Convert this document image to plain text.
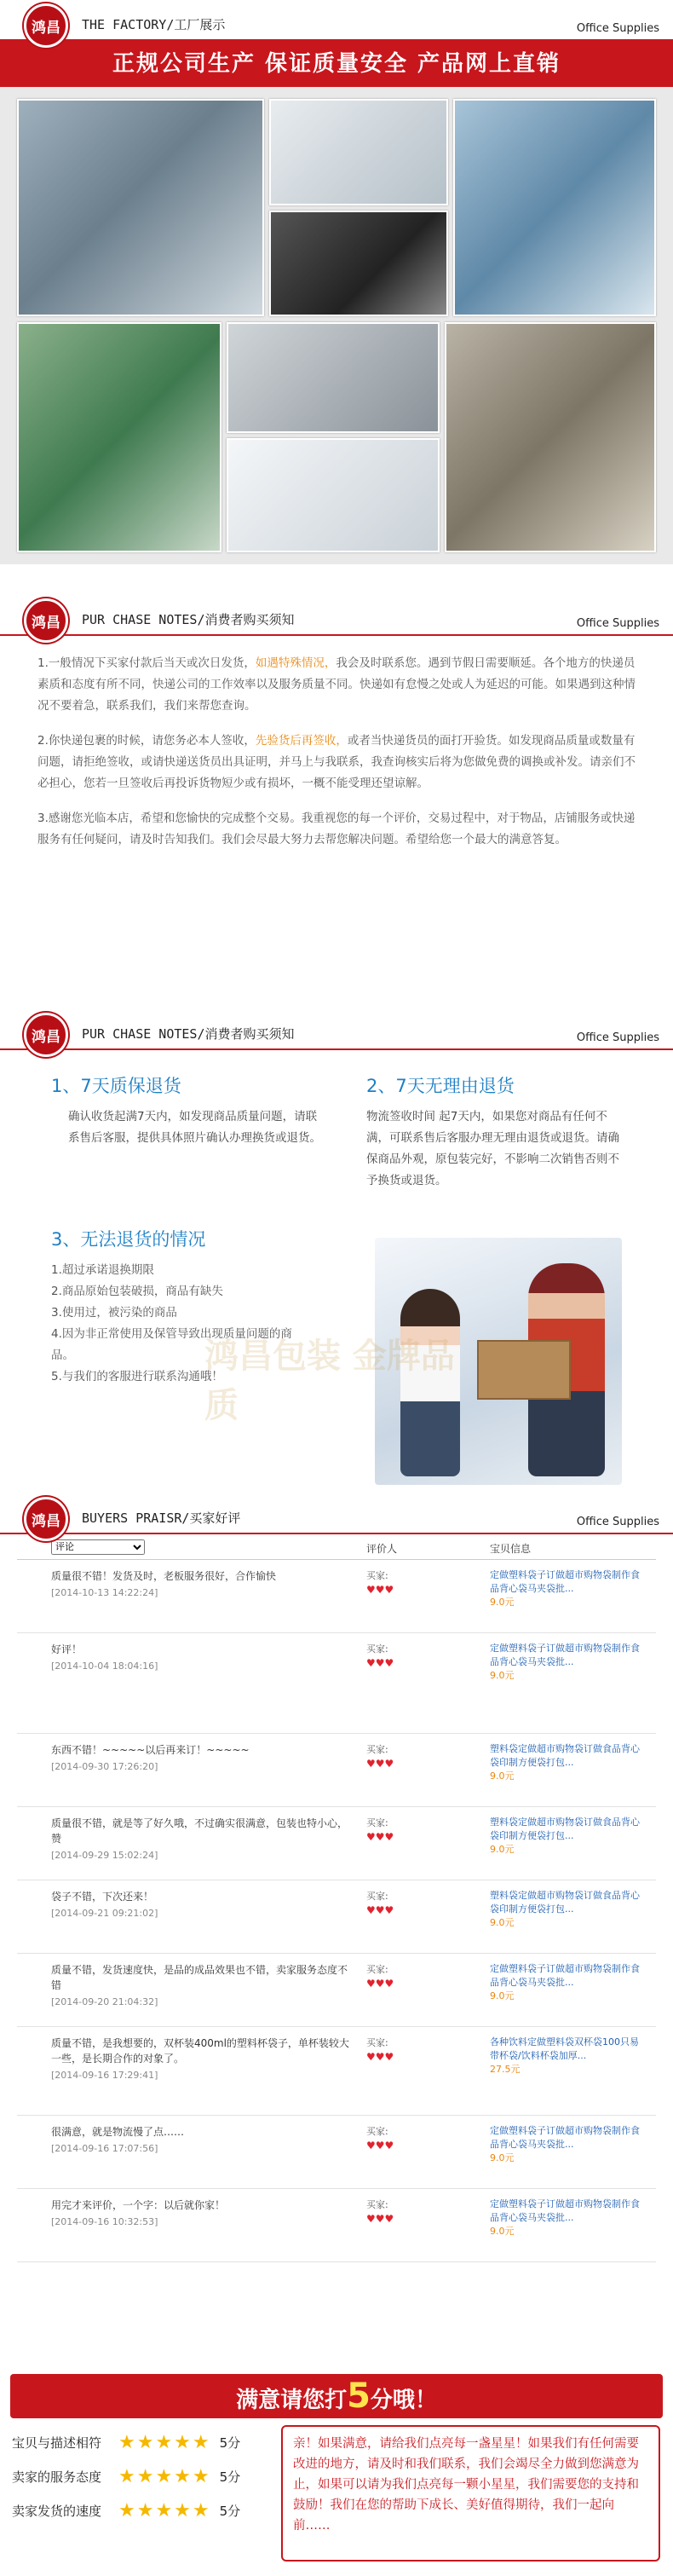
鸿昌	THE FACTORY/工厂展示	Office Supplies
正规公司生产 保证质量安全 产品网上直销
鸿昌	PUR CHASE NOTES/消费者购买须知	Office Supplies

1.一般情况下买家付款后当天或次日发货，如遇特殊情况，我会及时联系您。遇到节假日需要顺延。各个地方的快递员素质和态度有所不同，快递公司的工作效率以及服务质量不同。快递如有怠慢之处或人为延迟的可能。如果遇到这种情况不要着急，联系我们，我们来帮您查询。

2.你快递包裹的时候，请您务必本人签收，先验货后再签收，或者当快递货员的面打开验货。如发现商品质量或数量有问题，请拒绝签收，或请快递送货员出具证明，并马上与我联系，我查询核实后将为您做免费的调换或补发。请亲们不必担心，您若一旦签收后再投诉货物短少或有损坏，一概不能受理还望谅解。

3.感谢您光临本店，希望和您愉快的完成整个交易。我重视您的每一个评价，交易过程中，对于物品，店铺服务或快递服务有任何疑问，请及时告知我们。我们会尽最大努力去帮您解决问题。希望给您一个最大的满意答复。

鸿昌	PUR CHASE NOTES/消费者购买须知	Office Supplies
1、7天质保退货
确认收货起满7天内，如发现商品质量问题，请联系售后客服，提供具体照片确认办理换货或退货。
2、7天无理由退货
物流签收时间 起7天内，如果您对商品有任何不满，可联系售后客服办理无理由退货或退货。请确保商品外观，原包装完好，不影响二次销售否则不予换货或退货。
3、无法退货的情况
1.超过承诺退换期限
2.商品原始包装破损，商品有缺失
3.使用过，被污染的商品
4.因为非正常使用及保管导致出现质量问题的商品。
5.与我们的客服进行联系沟通哦！
鸿昌包装 金牌品质
鸿昌	BUYERS PRAISR/买家好评	Office Supplies
评论
评价人	宝贝信息
质量很不错！发货及时，老板服务很好，合作愉快
[2014-10-13 14:22:24]
买家:
♥♥♥
定做塑料袋子订做超市购物袋制作食品背心袋马夹袋批...
9.0元
好评！
[2014-10-04 18:04:16]
买家:
♥♥♥
定做塑料袋子订做超市购物袋制作食品背心袋马夹袋批...
9.0元
东西不错！~~~~~以后再来订！~~~~~
[2014-09-30 17:26:20]
买家:
♥♥♥
塑料袋定做超市购物袋订做食品背心袋印制方便袋打包...
9.0元
质量很不错，就是等了好久哦，不过确实很满意，包装也特小心，赞
[2014-09-29 15:02:24]
买家:
♥♥♥
塑料袋定做超市购物袋订做食品背心袋印制方便袋打包...
9.0元
袋子不错，下次还来！
[2014-09-21 09:21:02]
买家:
♥♥♥
塑料袋定做超市购物袋订做食品背心袋印制方便袋打包...
9.0元
质量不错，发货速度快，是品的成品效果也不错，卖家服务态度不错
[2014-09-20 21:04:32]
买家:
♥♥♥
定做塑料袋子订做超市购物袋制作食品背心袋马夹袋批...
9.0元
质量不错，是我想要的，双杯装400ml的塑料杯袋子，单杯装较大一些，是长期合作的对象了。
[2014-09-16 17:29:41]
买家:
♥♥♥
各种饮料定做塑料袋双杯袋100只易带杯袋/饮料杯袋加厚...
27.5元
很满意，就是物流慢了点……
[2014-09-16 17:07:56]
买家:
♥♥♥
定做塑料袋子订做超市购物袋制作食品背心袋马夹袋批...
9.0元
用完才来评价，一个字：以后就你家！
[2014-09-16 10:32:53]
买家:
♥♥♥
定做塑料袋子订做超市购物袋制作食品背心袋马夹袋批...
9.0元
满意请您打5分哦！
宝贝与描述相符 ★★★★★ 5分
卖家的服务态度 ★★★★★ 5分
卖家发货的速度 ★★★★★ 5分
亲！如果满意，请给我们点亮每一盏星星！如果我们有任何需要改进的地方，请及时和我们联系，我们会竭尽全力做到您满意为止，如果可以请为我们点亮每一颗小星星，我们需要您的支持和鼓励！我们在您的帮助下成长、美好值得期待，我们一起向前……
